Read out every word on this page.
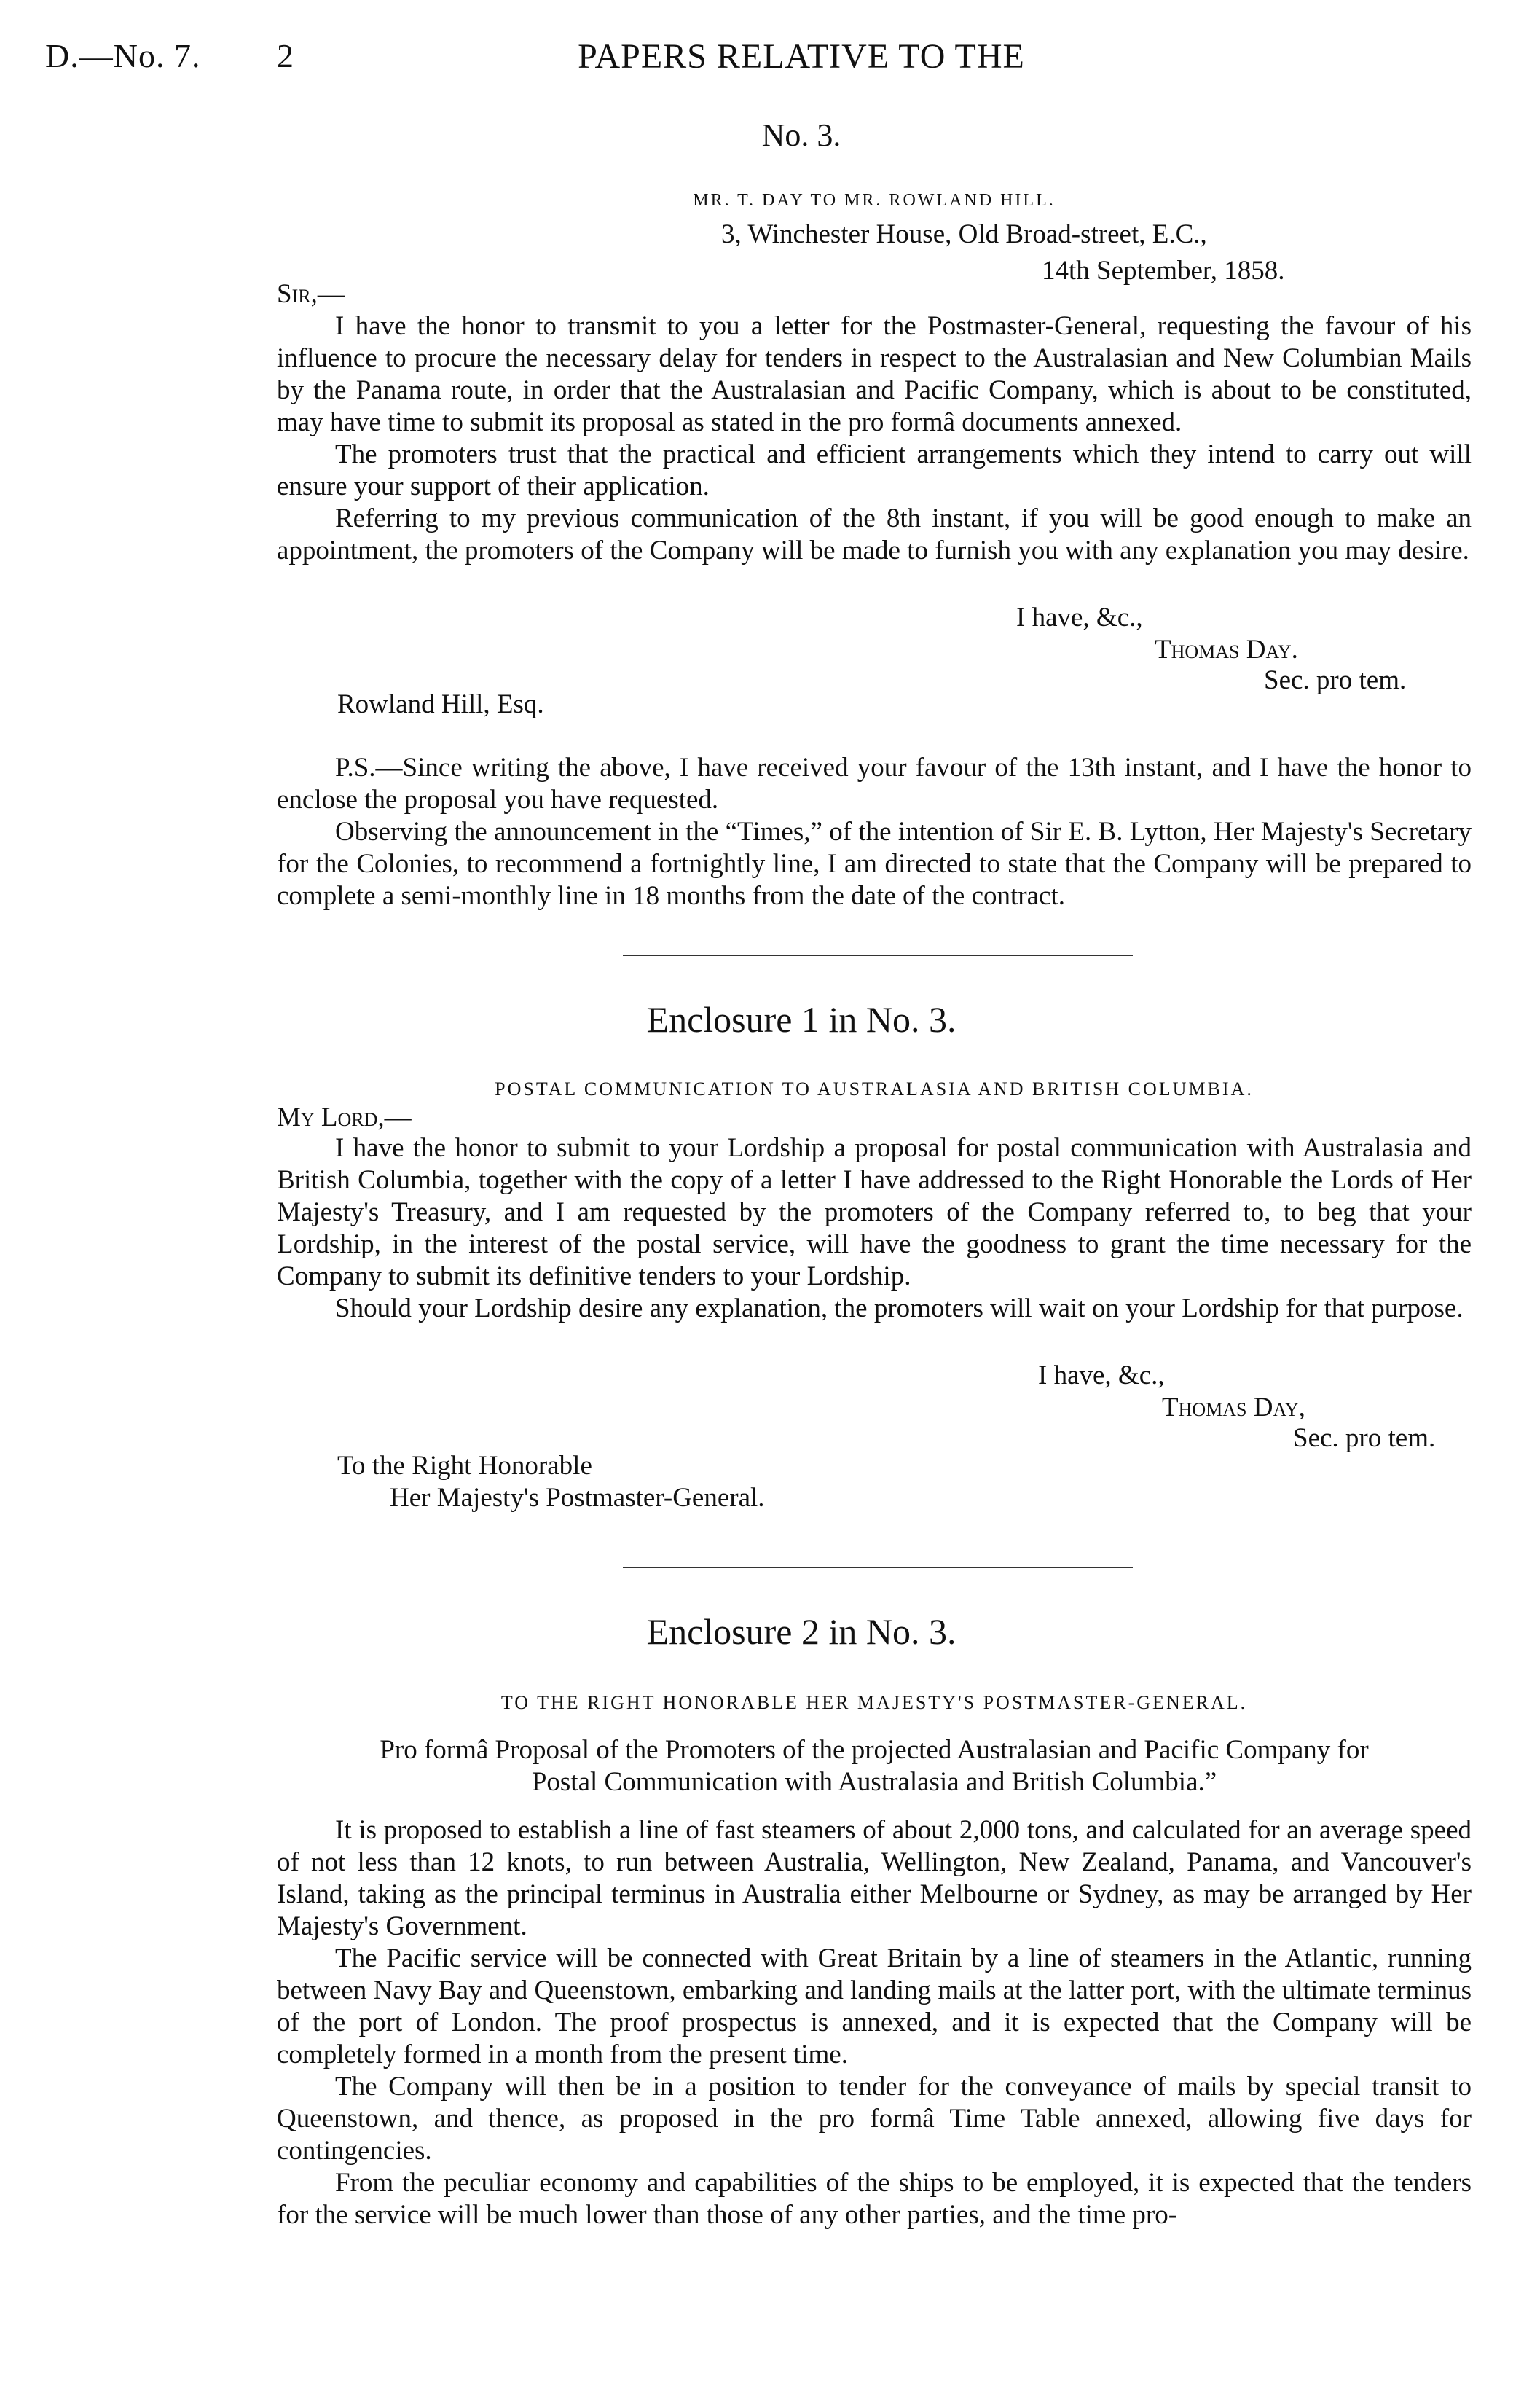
D.—No. 7. 2	PAPERS RELATIVE TO THE
No. 3.
MR. T. DAY TO MR. ROWLAND HILL.
3, Winchester House, Old Broad-street, E.C.,
14th September, 1858.
Sir,—

I have the honor to transmit to you a letter for the Postmaster-General, requesting the favour of his influence to procure the necessary delay for tenders in respect to the Australasian and New Columbian Mails by the Panama route, in order that the Australasian and Pacific Company, which is about to be constituted, may have time to submit its proposal as stated in the pro formâ documents annexed.

The promoters trust that the practical and efficient arrangements which they intend to carry out will ensure your support of their application.

Referring to my previous communication of the 8th instant, if you will be good enough to make an appointment, the promoters of the Company will be made to furnish you with any explanation you may desire.

I have, &c.,
Thomas Day.
Sec. pro tem.
Rowland Hill, Esq.

P.S.—Since writing the above, I have received your favour of the 13th instant, and I have the honor to enclose the proposal you have requested.

Observing the announcement in the “Times,” of the intention of Sir E. B. Lytton, Her Majesty's Secretary for the Colonies, to recommend a fortnightly line, I am directed to state that the Company will be prepared to complete a semi-monthly line in 18 months from the date of the contract.

Enclosure 1 in No. 3.
POSTAL COMMUNICATION TO AUSTRALASIA AND BRITISH COLUMBIA.
My Lord,—

I have the honor to submit to your Lordship a proposal for postal communication with Australasia and British Columbia, together with the copy of a letter I have addressed to the Right Honorable the Lords of Her Majesty's Treasury, and I am requested by the promoters of the Company referred to, to beg that your Lordship, in the interest of the postal service, will have the goodness to grant the time necessary for the Company to submit its definitive tenders to your Lordship.

Should your Lordship desire any explanation, the promoters will wait on your Lordship for that purpose.

I have, &c.,
Thomas Day,
Sec. pro tem.
To the Right Honorable
Her Majesty's Postmaster-General.
Enclosure 2 in No. 3.
TO THE RIGHT HONORABLE HER MAJESTY'S POSTMASTER-GENERAL.
Pro formâ Proposal of the Promoters of the projected Australasian and Pacific Company for
Postal Communication with Australasia and British Columbia.”

It is proposed to establish a line of fast steamers of about 2,000 tons, and calculated for an average speed of not less than 12 knots, to run between Australia, Wellington, New Zealand, Panama, and Vancouver's Island, taking as the principal terminus in Australia either Melbourne or Sydney, as may be arranged by Her Majesty's Government.

The Pacific service will be connected with Great Britain by a line of steamers in the Atlantic, running between Navy Bay and Queenstown, embarking and landing mails at the latter port, with the ultimate terminus of the port of London. The proof prospectus is annexed, and it is expected that the Company will be completely formed in a month from the present time.

The Company will then be in a position to tender for the conveyance of mails by special transit to Queenstown, and thence, as proposed in the pro formâ Time Table annexed, allowing five days for contingencies.

From the peculiar economy and capabilities of the ships to be employed, it is expected that the tenders for the service will be much lower than those of any other parties, and the time pro-
